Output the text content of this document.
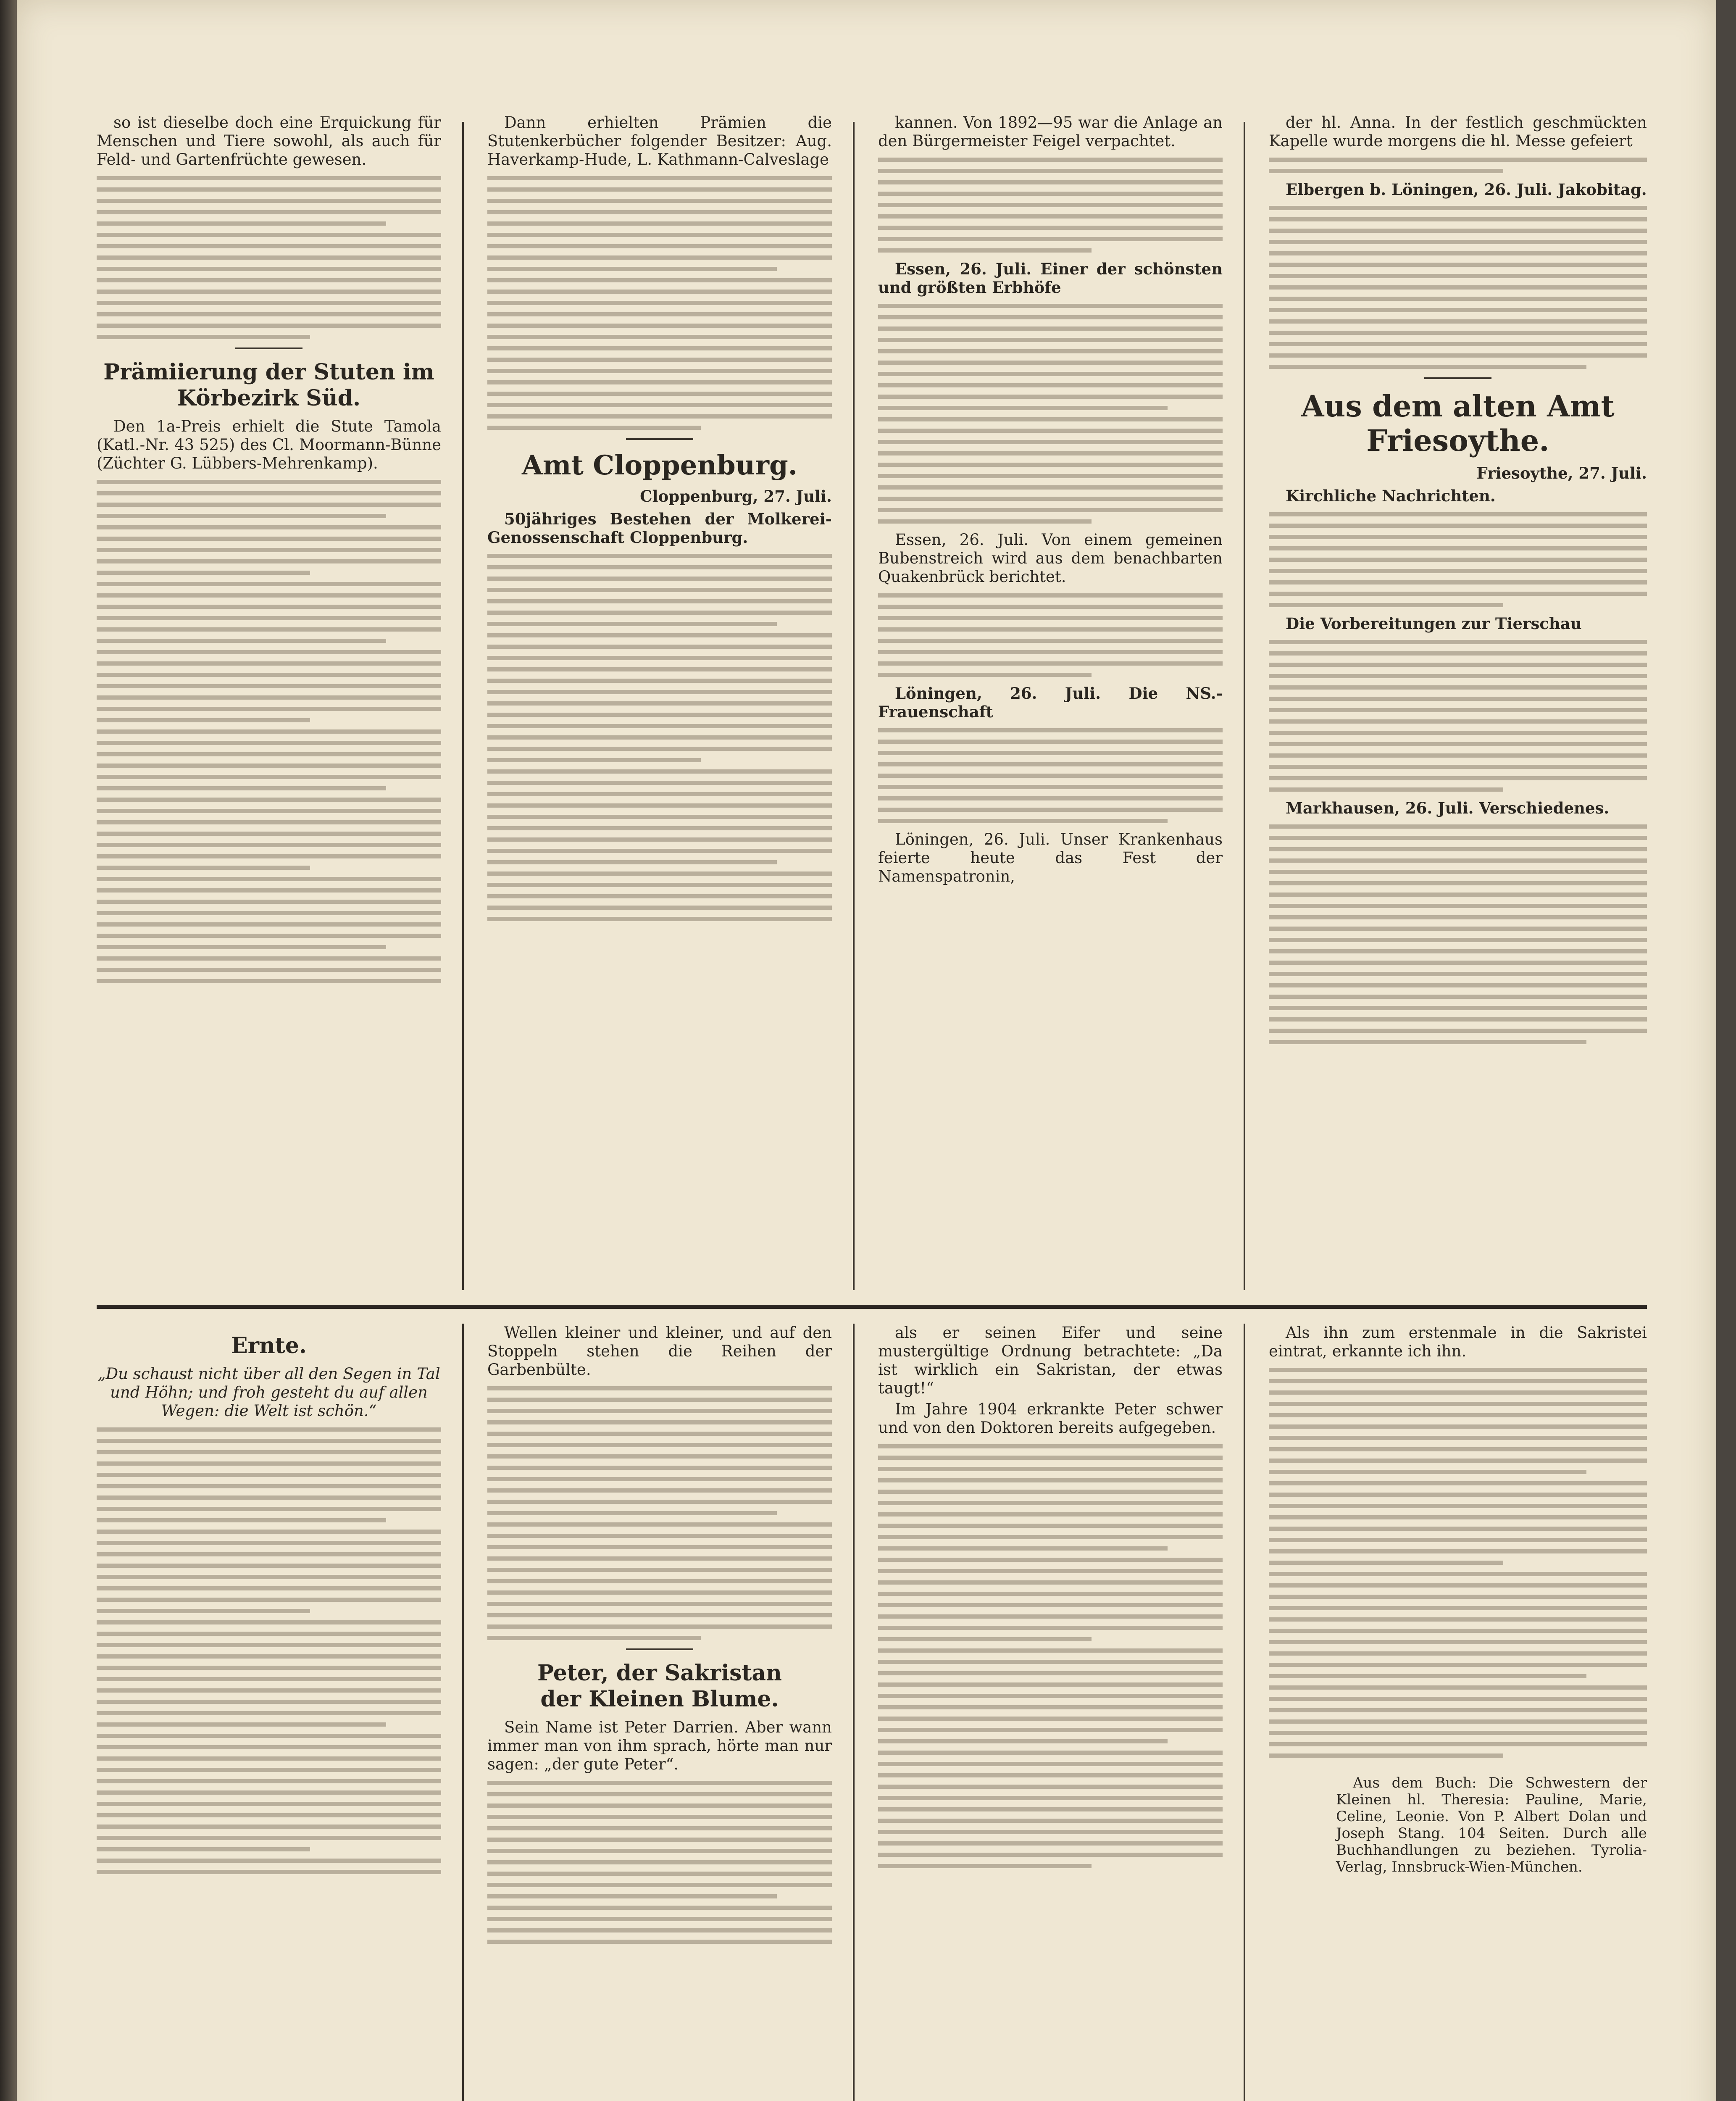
so ist dieselbe doch eine Erquickung für Menschen und Tiere sowohl, als auch für Feld- und Gartenfrüchte gewesen.

Prämiierung der Stuten im Körbezirk Süd.

Den 1a-Preis erhielt die Stute Tamola (Katl.-Nr. 43 525) des Cl. Moormann-Bünne (Züchter G. Lübbers-Mehrenkamp).

Dann erhielten Prämien die Stutenkerbücher folgender Besitzer: Aug. Haverkamp-Hude, L. Kathmann-Calveslage

Amt Cloppenburg.
Cloppenburg, 27. Juli.

50jähriges Bestehen der Molkerei-Genossenschaft Cloppenburg.

kannen. Von 1892—95 war die Anlage an den Bürgermeister Feigel verpachtet.

Essen, 26. Juli. Einer der schönsten und größten Erbhöfe

Essen, 26. Juli. Von einem gemeinen Bubenstreich wird aus dem benachbarten Quakenbrück berichtet.

Löningen, 26. Juli. Die NS.-Frauenschaft

Löningen, 26. Juli. Unser Krankenhaus feierte heute das Fest der Namenspatronin,

der hl. Anna. In der festlich geschmückten Kapelle wurde morgens die hl. Messe gefeiert

Elbergen b. Löningen, 26. Juli. Jakobitag.

Aus dem alten Amt Friesoythe.
Friesoythe, 27. Juli.

Kirchliche Nachrichten.

Die Vorbereitungen zur Tierschau

Markhausen, 26. Juli. Verschiedenes.

Ernte.

„Du schaust nicht über all den Segen in Tal und Höhn; und froh gesteht du auf allen Wegen: die Welt ist schön.“

Wellen kleiner und kleiner, und auf den Stoppeln stehen die Reihen der Garbenbülte.

Peter, der Sakristan
der Kleinen Blume.

Sein Name ist Peter Darrien. Aber wann immer man von ihm sprach, hörte man nur sagen: „der gute Peter“.

als er seinen Eifer und seine mustergültige Ordnung betrachtete: „Da ist wirklich ein Sakristan, der etwas taugt!“

Im Jahre 1904 erkrankte Peter schwer und von den Doktoren bereits aufgegeben.

Als ihn zum erstenmale in die Sakristei eintrat, erkannte ich ihn.

Aus dem Buch: Die Schwestern der Kleinen hl. Theresia: Pauline, Marie, Celine, Leonie. Von P. Albert Dolan und Joseph Stang. 104 Seiten. Durch alle Buchhandlungen zu beziehen. Tyrolia-Verlag, Innsbruck-Wien-München.
